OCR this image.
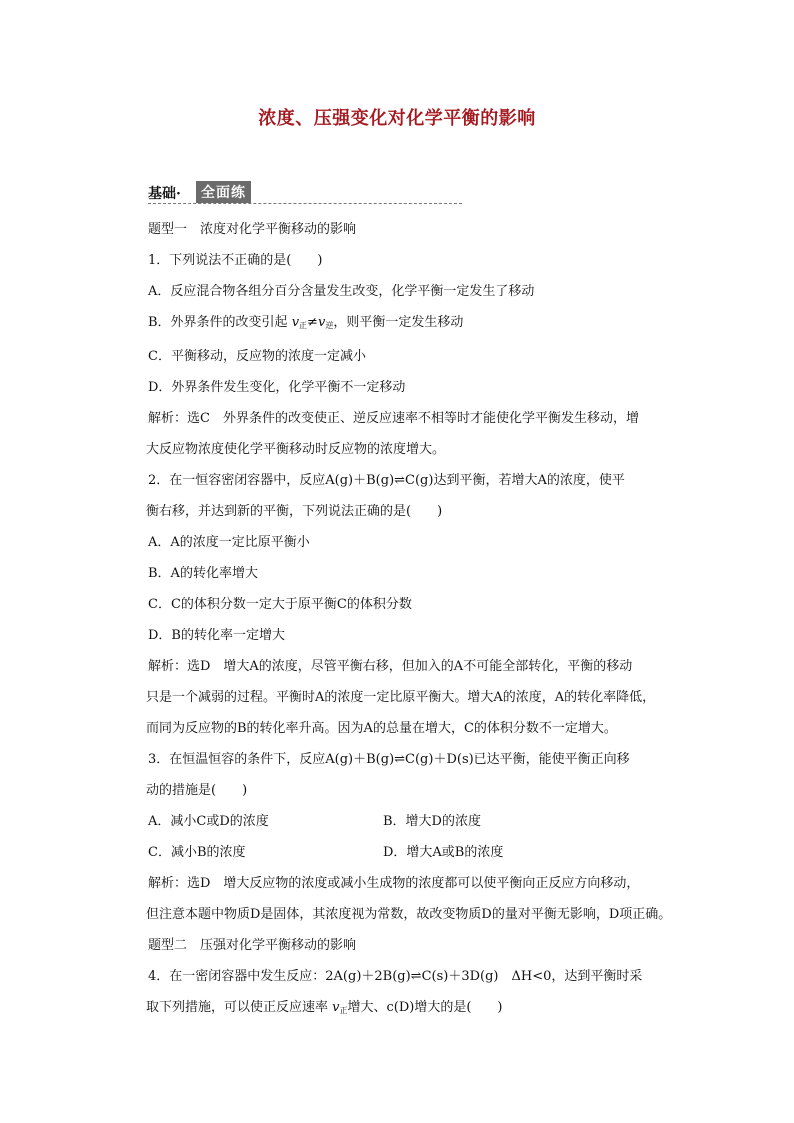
浓度、压强变化对化学平衡的影响
基础·	全面练

题型一　浓度对化学平衡移动的影响

1．下列说法不正确的是(　　)

A．反应混合物各组分百分含量发生改变，化学平衡一定发生了移动

B．外界条件的改变引起 $v_正\ne v_逆$，则平衡一定发生移动

C．平衡移动，反应物的浓度一定减小

D．外界条件发生变化，化学平衡不一定移动

解析：选C　外界条件的改变使正、逆反应速率不相等时才能使化学平衡发生移动，增

大反应物浓度使化学平衡移动时反应物的浓度增大。

2．在一恒容密闭容器中，反应A(g)＋B(g)⇌C(g)达到平衡，若增大A的浓度，使平

衡右移，并达到新的平衡，下列说法正确的是(　　)

A．A的浓度一定比原平衡小

B．A的转化率增大

C．C的体积分数一定大于原平衡C的体积分数

D．B的转化率一定增大

解析：选D　增大A的浓度，尽管平衡右移，但加入的A不可能全部转化，平衡的移动

只是一个减弱的过程。平衡时A的浓度一定比原平衡大。增大A的浓度，A的转化率降低，

而同为反应物的B的转化率升高。因为A的总量在增大，C的体积分数不一定增大。

3．在恒温恒容的条件下，反应A(g)＋B(g)⇌C(g)＋D(s)已达平衡，能使平衡正向移

动的措施是(　　)

A．减小C或D的浓度	B．增大D的浓度
C．减小B的浓度	D．增大A或B的浓度

解析：选D　增大反应物的浓度或减小生成物的浓度都可以使平衡向正反应方向移动，

但注意本题中物质D是固体，其浓度视为常数，故改变物质D的量对平衡无影响，D项正确。

题型二　压强对化学平衡移动的影响

4．在一密闭容器中发生反应：2A(g)＋2B(g)⇌C(s)＋3D(g)　ΔH<0，达到平衡时采

取下列措施，可以使正反应速率 $v_正$增大、c(D)增大的是(　　)
